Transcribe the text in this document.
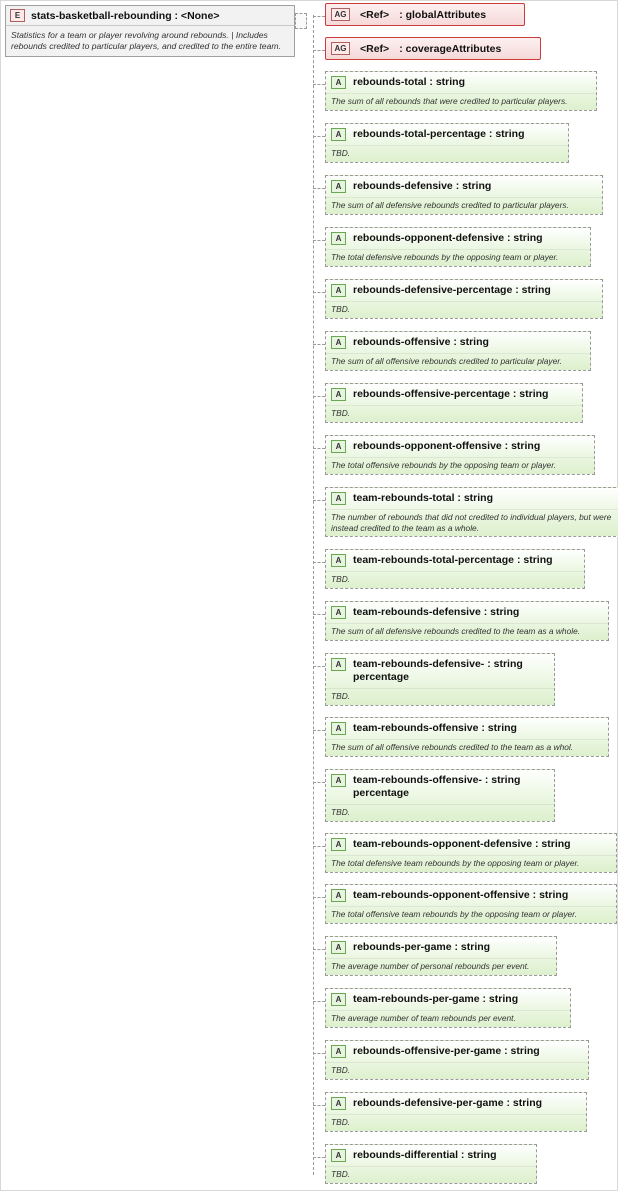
E	stats-basketball-rebounding : <None>
Statistics for a team or player revolving around rebounds. | Includes rebounds credited to particular players, and credited to the entire team.
AG	<Ref> : globalAttributes
AG	<Ref> : coverageAttributes
A	rebounds-total : string
The sum of all rebounds that were credited to particular players.
A	rebounds-total-percentage : string
TBD.
A	rebounds-defensive : string
The sum of all defensive rebounds credited to particular players.
A	rebounds-opponent-defensive : string
The total defensive rebounds by the opposing team or player.
A	rebounds-defensive-percentage : string
TBD.
A	rebounds-offensive : string
The sum of all offensive rebounds credited to particular player.
A	rebounds-offensive-percentage : string
TBD.
A	rebounds-opponent-offensive : string
The total offensive rebounds by the opposing team or player.
A	team-rebounds-total : string
The number of rebounds that did not credited to individual players, but were instead credited to the team as a whole.
A	team-rebounds-total-percentage : string
TBD.
A	team-rebounds-defensive : string
The sum of all defensive rebounds credited to the team as a whole.
A	team-rebounds-defensive- : string
percentage
TBD.
A	team-rebounds-offensive : string
The sum of all offensive rebounds credited to the team as a whol.
A	team-rebounds-offensive- : string
percentage
TBD.
A	team-rebounds-opponent-defensive : string
The total defensive team rebounds by the opposing team or player.
A	team-rebounds-opponent-offensive : string
The total offensive team rebounds by the opposing team or player.
A	rebounds-per-game : string
The average number of personal rebounds per event.
A	team-rebounds-per-game : string
The average number of team rebounds per event.
A	rebounds-offensive-per-game : string
TBD.
A	rebounds-defensive-per-game : string
TBD.
A	rebounds-differential : string
TBD.
